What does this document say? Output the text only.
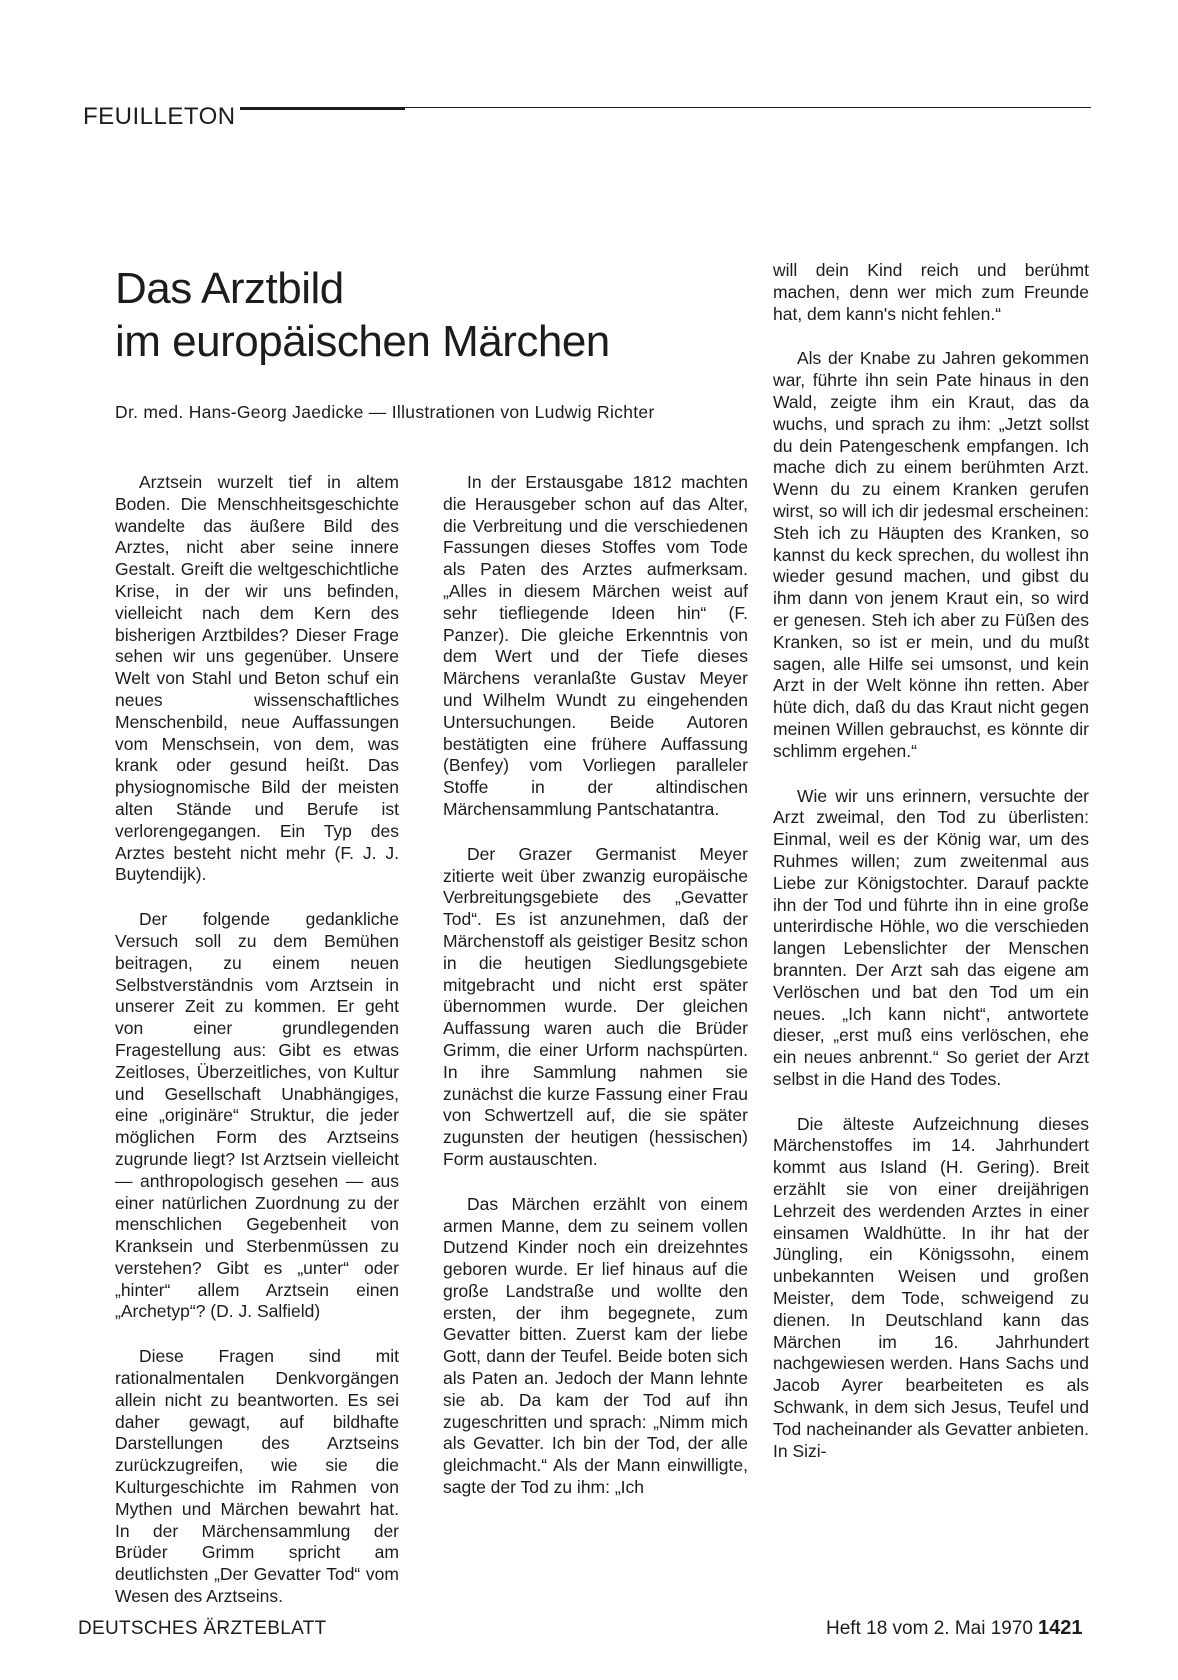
FEUILLETON
Das Arztbild
im europäischen Märchen
Dr. med. Hans-Georg Jaedicke — Illustrationen von Ludwig Richter

Arztsein wurzelt tief in altem Boden. Die Menschheitsgeschichte wandelte das äußere Bild des Arztes, nicht aber seine innere Gestalt. Greift die weltgeschichtliche Krise, in der wir uns befinden, vielleicht nach dem Kern des bisherigen Arztbildes? Dieser Frage sehen wir uns gegenüber. Unsere Welt von Stahl und Beton schuf ein neues wissenschaftliches Menschenbild, neue Auffassungen vom Menschsein, von dem, was krank oder gesund heißt. Das physiognomische Bild der meisten alten Stände und Berufe ist verlorengegangen. Ein Typ des Arztes besteht nicht mehr (F. J. J. Buytendijk).

Der folgende gedankliche Versuch soll zu dem Bemühen beitragen, zu einem neuen Selbstverständnis vom Arztsein in unserer Zeit zu kommen. Er geht von einer grundlegenden Fragestellung aus: Gibt es etwas Zeitloses, Überzeitliches, von Kultur und Gesellschaft Unabhängiges, eine „originäre“ Struktur, die jeder möglichen Form des Arztseins zugrunde liegt? Ist Arztsein vielleicht — anthropologisch gesehen — aus einer natürlichen Zuordnung zu der menschlichen Gegebenheit von Kranksein und Sterbenmüssen zu verstehen? Gibt es „unter“ oder „hinter“ allem Arztsein einen „Archetyp“? (D. J. Salfield)

Diese Fragen sind mit rationalmentalen Denkvorgängen allein nicht zu beantworten. Es sei daher gewagt, auf bildhafte Darstellungen des Arztseins zurückzugreifen, wie sie die Kulturgeschichte im Rahmen von Mythen und Märchen bewahrt hat. In der Märchensammlung der Brüder Grimm spricht am deutlichsten „Der Gevatter Tod“ vom Wesen des Arztseins.

In der Erstausgabe 1812 machten die Herausgeber schon auf das Alter, die Verbreitung und die verschiedenen Fassungen dieses Stoffes vom Tode als Paten des Arztes aufmerksam. „Alles in diesem Märchen weist auf sehr tiefliegende Ideen hin“ (F. Panzer). Die gleiche Erkenntnis von dem Wert und der Tiefe dieses Märchens veranlaßte Gustav Meyer und Wilhelm Wundt zu eingehenden Untersuchungen. Beide Autoren bestätigten eine frühere Auffassung (Benfey) vom Vorliegen paralleler Stoffe in der altindischen Märchensammlung Pantschatantra.

Der Grazer Germanist Meyer zitierte weit über zwanzig europäische Verbreitungsgebiete des „Gevatter Tod“. Es ist anzunehmen, daß der Märchenstoff als geistiger Besitz schon in die heutigen Siedlungsgebiete mitgebracht und nicht erst später übernommen wurde. Der gleichen Auffassung waren auch die Brüder Grimm, die einer Urform nachspürten. In ihre Sammlung nahmen sie zunächst die kurze Fassung einer Frau von Schwertzell auf, die sie später zugunsten der heutigen (hessischen) Form austauschten.

Das Märchen erzählt von einem armen Manne, dem zu seinem vollen Dutzend Kinder noch ein dreizehntes geboren wurde. Er lief hinaus auf die große Landstraße und wollte den ersten, der ihm begegnete, zum Gevatter bitten. Zuerst kam der liebe Gott, dann der Teufel. Beide boten sich als Paten an. Jedoch der Mann lehnte sie ab. Da kam der Tod auf ihn zugeschritten und sprach: „Nimm mich als Gevatter. Ich bin der Tod, der alle gleichmacht.“ Als der Mann einwilligte, sagte der Tod zu ihm: „Ich

will dein Kind reich und berühmt machen, denn wer mich zum Freunde hat, dem kann's nicht fehlen.“

Als der Knabe zu Jahren gekommen war, führte ihn sein Pate hinaus in den Wald, zeigte ihm ein Kraut, das da wuchs, und sprach zu ihm: „Jetzt sollst du dein Patengeschenk empfangen. Ich mache dich zu einem berühmten Arzt. Wenn du zu einem Kranken gerufen wirst, so will ich dir jedesmal erscheinen: Steh ich zu Häupten des Kranken, so kannst du keck sprechen, du wollest ihn wieder gesund machen, und gibst du ihm dann von jenem Kraut ein, so wird er genesen. Steh ich aber zu Füßen des Kranken, so ist er mein, und du mußt sagen, alle Hilfe sei umsonst, und kein Arzt in der Welt könne ihn retten. Aber hüte dich, daß du das Kraut nicht gegen meinen Willen gebrauchst, es könnte dir schlimm ergehen.“

Wie wir uns erinnern, versuchte der Arzt zweimal, den Tod zu überlisten: Einmal, weil es der König war, um des Ruhmes willen; zum zweitenmal aus Liebe zur Königstochter. Darauf packte ihn der Tod und führte ihn in eine große unterirdische Höhle, wo die verschieden langen Lebenslichter der Menschen brannten. Der Arzt sah das eigene am Verlöschen und bat den Tod um ein neues. „Ich kann nicht“, antwortete dieser, „erst muß eins verlöschen, ehe ein neues anbrennt.“ So geriet der Arzt selbst in die Hand des Todes.

Die älteste Aufzeichnung dieses Märchenstoffes im 14. Jahrhundert kommt aus Island (H. Gering). Breit erzählt sie von einer dreijährigen Lehrzeit des werdenden Arztes in einer einsamen Waldhütte. In ihr hat der Jüngling, ein Königssohn, einem unbekannten Weisen und großen Meister, dem Tode, schweigend zu dienen. In Deutschland kann das Märchen im 16. Jahrhundert nachgewiesen werden. Hans Sachs und Jacob Ayrer bearbeiteten es als Schwank, in dem sich Jesus, Teufel und Tod nacheinander als Gevatter anbieten. In Sizi-

DEUTSCHES ÄRZTEBLATT	Heft 18 vom 2. Mai 1970 1421
